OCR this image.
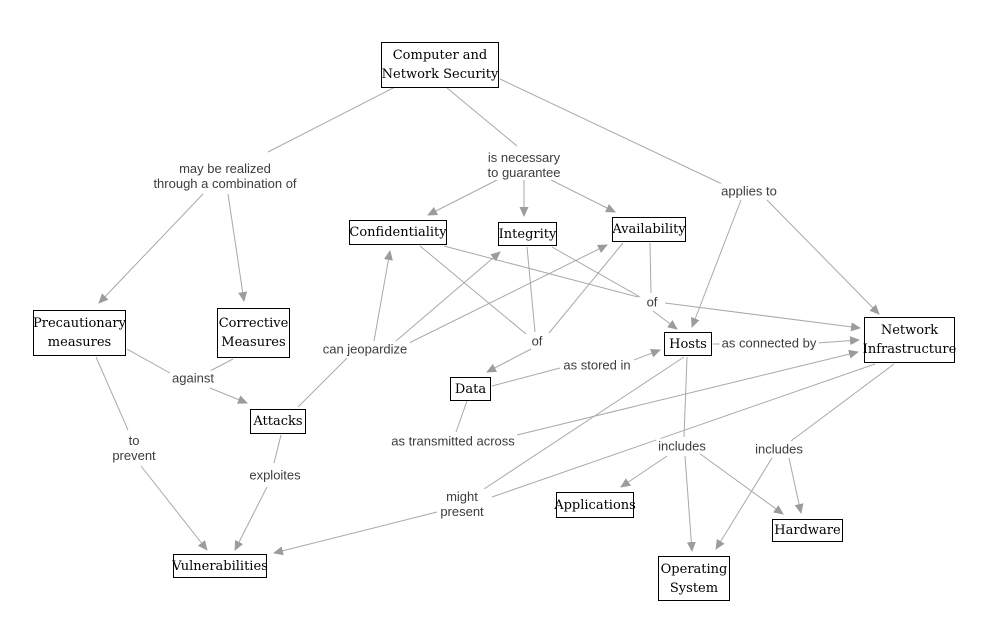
may be realized
through a combination of
is necessary
to guarantee
applies to
can jeopardize
of
of
against
as stored in
as connected by
as transmitted across
to
prevent
exploites
might
present
includes	includes
Computer and
Network Security
Confidentiality	Integrity	Availability
Precautionary
measures
Corrective
Measures
Attacks
Data
Hosts
Network
Infrastructure
Vulnerabilities
Applications
Hardware
Operating
System
